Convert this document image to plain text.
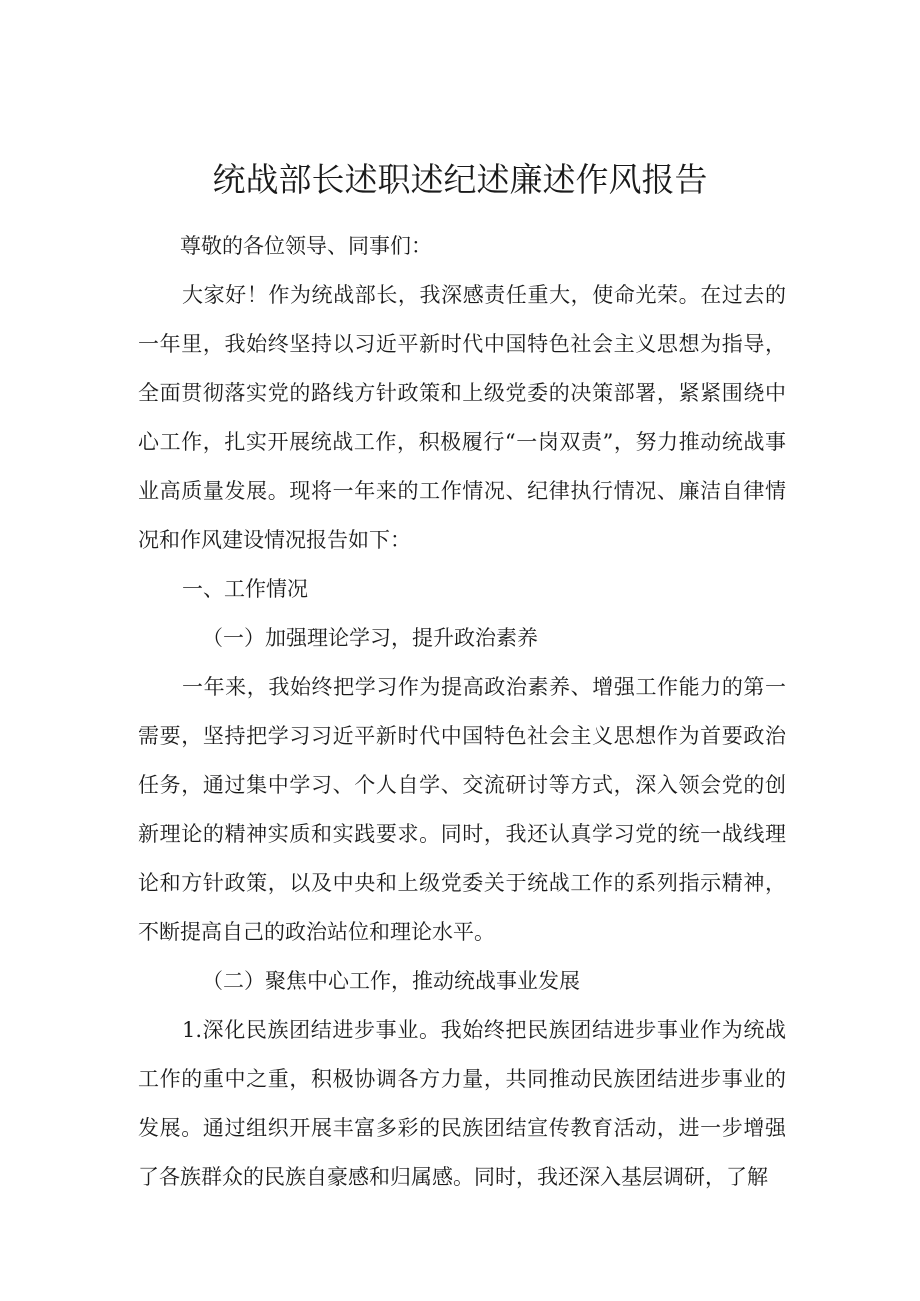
统战部长述职述纪述廉述作风报告

尊敬的各位领导、同事们：

大家好！作为统战部长，我深感责任重大，使命光荣。在过去的一年里，我始终坚持以习近平新时代中国特色社会主义思想为指导，全面贯彻落实党的路线方针政策和上级党委的决策部署，紧紧围绕中心工作，扎实开展统战工作，积极履行“一岗双责”，努力推动统战事业高质量发展。现将一年来的工作情况、纪律执行情况、廉洁自律情况和作风建设情况报告如下：

一、工作情况

（一）加强理论学习，提升政治素养

一年来，我始终把学习作为提高政治素养、增强工作能力的第一需要，坚持把学习习近平新时代中国特色社会主义思想作为首要政治任务，通过集中学习、个人自学、交流研讨等方式，深入领会党的创新理论的精神实质和实践要求。同时，我还认真学习党的统一战线理论和方针政策，以及中央和上级党委关于统战工作的系列指示精神，不断提高自己的政治站位和理论水平。

（二）聚焦中心工作，推动统战事业发展

1.深化民族团结进步事业。我始终把民族团结进步事业作为统战工作的重中之重，积极协调各方力量，共同推动民族团结进步事业的发展。通过组织开展丰富多彩的民族团结宣传教育活动，进一步增强了各族群众的民族自豪感和归属感。同时，我还深入基层调研，了解
